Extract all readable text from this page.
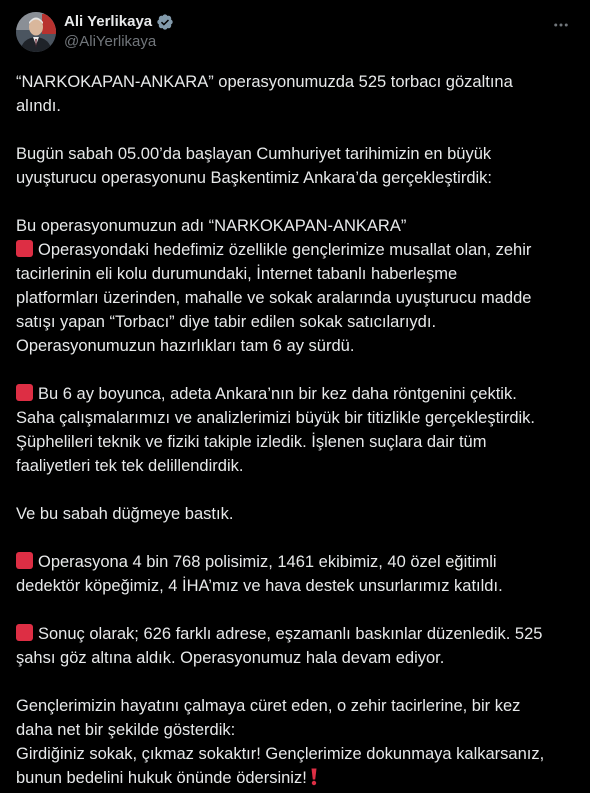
Ali Yerlikaya
@AliYerlikaya
“NARKOKAPAN-ANKARA” operasyonumuzda 525 torbacı gözaltına
alındı.
Bugün sabah 05.00’da başlayan Cumhuriyet tarihimizin en büyük
uyuşturucu operasyonunu Başkentimiz Ankara’da gerçekleştirdik:
Bu operasyonumuzun adı “NARKOKAPAN-ANKARA”
Operasyondaki hedefimiz özellikle gençlerimize musallat olan, zehir
tacirlerinin eli kolu durumundaki, İnternet tabanlı haberleşme
platformları üzerinden, mahalle ve sokak aralarında uyuşturucu madde
satışı yapan “Torbacı” diye tabir edilen sokak satıcılarıydı.
Operasyonumuzun hazırlıkları tam 6 ay sürdü.
Bu 6 ay boyunca, adeta Ankara’nın bir kez daha röntgenini çektik.
Saha çalışmalarımızı ve analizlerimizi büyük bir titizlikle gerçekleştirdik.
Şüphelileri teknik ve fiziki takiple izledik. İşlenen suçlara dair tüm
faaliyetleri tek tek delillendirdik.
Ve bu sabah düğmeye bastık.
Operasyona 4 bin 768 polisimiz, 1461 ekibimiz, 40 özel eğitimli
dedektör köpeğimiz, 4 İHA’mız ve hava destek unsurlarımız katıldı.
Sonuç olarak; 626 farklı adrese, eşzamanlı baskınlar düzenledik. 525
şahsı göz altına aldık. Operasyonumuz hala devam ediyor.
Gençlerimizin hayatını çalmaya cüret eden, o zehir tacirlerine, bir kez
daha net bir şekilde gösterdik:
Girdiğiniz sokak, çıkmaz sokaktır! Gençlerimize dokunmaya kalkarsanız,
bunun bedelini hukuk önünde ödersiniz!
